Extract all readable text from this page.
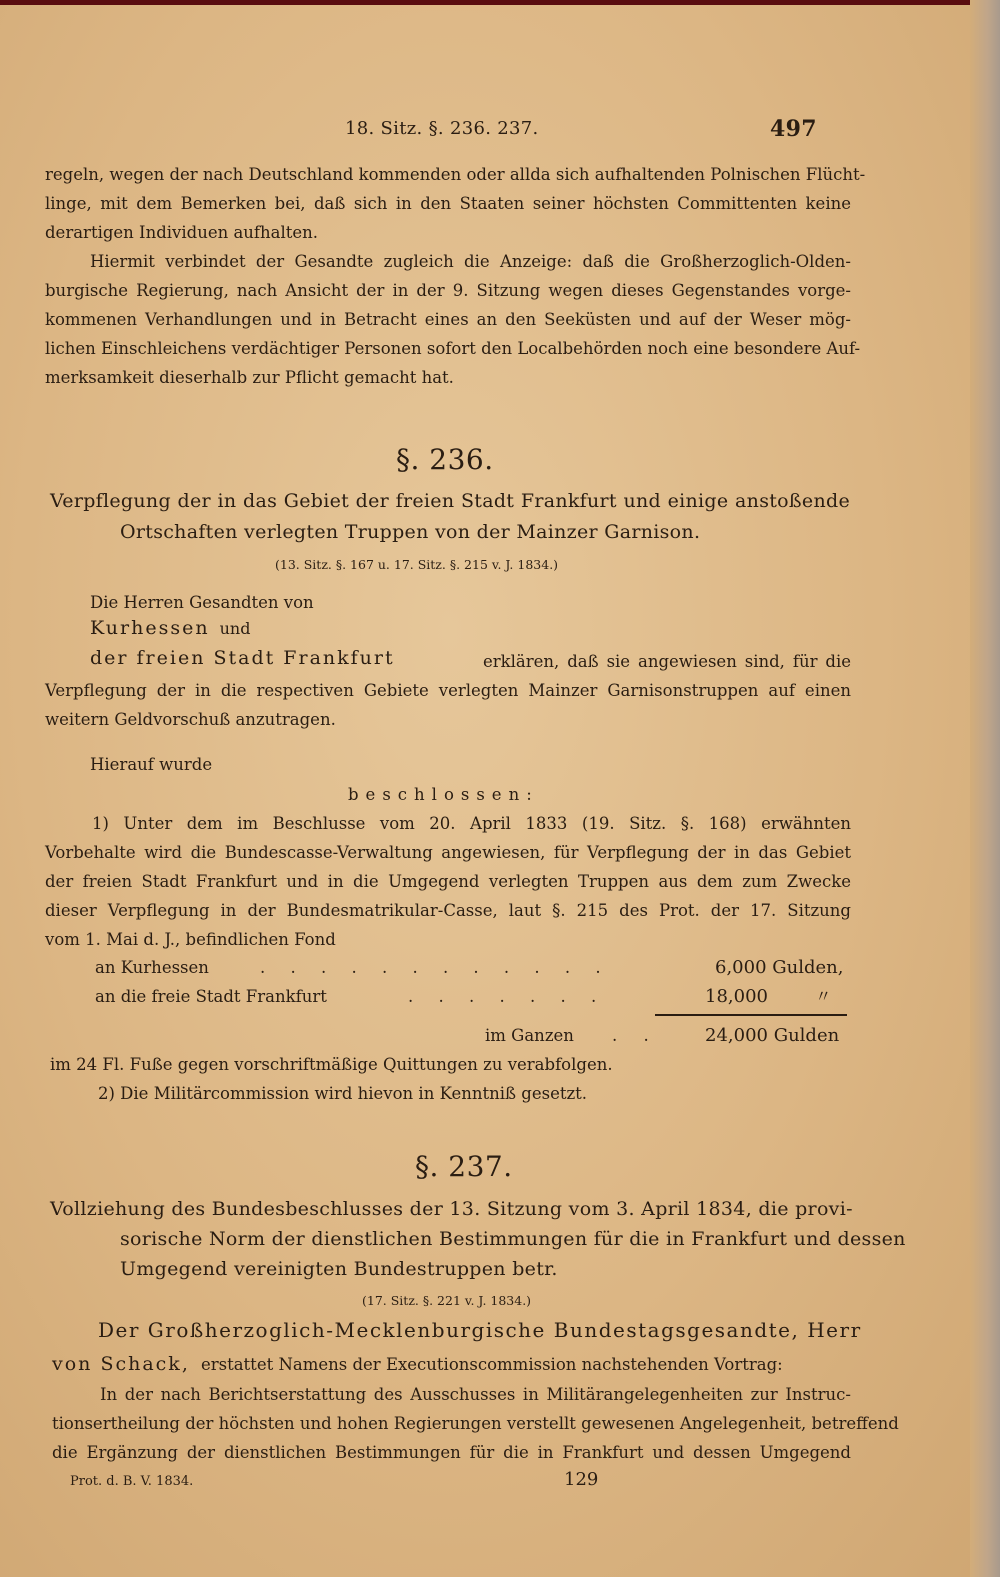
18. Sitz. §. 236. 237.	497
regeln, wegen der nach Deutschland kommenden oder allda sich aufhaltenden Polnischen Flücht-
linge, mit dem Bemerken bei, daß sich in den Staaten seiner höchsten Committenten keine
derartigen Individuen aufhalten.
Hiermit verbindet der Gesandte zugleich die Anzeige: daß die Großherzoglich-Olden-
burgische Regierung, nach Ansicht der in der 9. Sitzung wegen dieses Gegenstandes vorge-
kommenen Verhandlungen und in Betracht eines an den Seeküsten und auf der Weser mög-
lichen Einschleichens verdächtiger Personen sofort den Localbehörden noch eine besondere Auf-
merksamkeit dieserhalb zur Pflicht gemacht hat.
§. 236.
Verpflegung der in das Gebiet der freien Stadt Frankfurt und einige anstoßende
Ortschaften verlegten Truppen von der Mainzer Garnison.
(13. Sitz. §. 167 u. 17. Sitz. §. 215 v. J. 1834.)
Die Herren Gesandten von
Kurhessen und
der freien Stadt Frankfurt	erklären, daß sie angewiesen sind, für die
Verpflegung der in die respectiven Gebiete verlegten Mainzer Garnisonstruppen auf einen
weitern Geldvorschuß anzutragen.
Hierauf wurde
beschlossen:
1) Unter dem im Beschlusse vom 20. April 1833 (19. Sitz. §. 168) erwähnten
Vorbehalte wird die Bundescasse-Verwaltung angewiesen, für Verpflegung der in das Gebiet
der freien Stadt Frankfurt und in die Umgegend verlegten Truppen aus dem zum Zwecke
dieser Verpflegung in der Bundesmatrikular-Casse, laut §. 215 des Prot. der 17. Sitzung
vom 1. Mai d. J., befindlichen Fond
an Kurhessen	. . . . . . . . . . . .	6,000 Gulden,
an die freie Stadt Frankfurt	. . . . . . .	18,000	〃
im Ganzen .     .	24,000 Gulden
im 24 Fl. Fuße gegen vorschriftmäßige Quittungen zu verabfolgen.
2) Die Militärcommission wird hievon in Kenntniß gesetzt.
§. 237.
Vollziehung des Bundesbeschlusses der 13. Sitzung vom 3. April 1834, die provi-
sorische Norm der dienstlichen Bestimmungen für die in Frankfurt und dessen
Umgegend vereinigten Bundestruppen betr.
(17. Sitz. §. 221 v. J. 1834.)
Der Großherzoglich-Mecklenburgische Bundestagsgesandte, Herr
von Schack, erstattet Namens der Executionscommission nachstehenden Vortrag:
In der nach Berichtserstattung des Ausschusses in Militärangelegenheiten zur Instruc-
tionsertheilung der höchsten und hohen Regierungen verstellt gewesenen Angelegenheit, betreffend
die Ergänzung der dienstlichen Bestimmungen für die in Frankfurt und dessen Umgegend
Prot. d. B. V. 1834.	129
